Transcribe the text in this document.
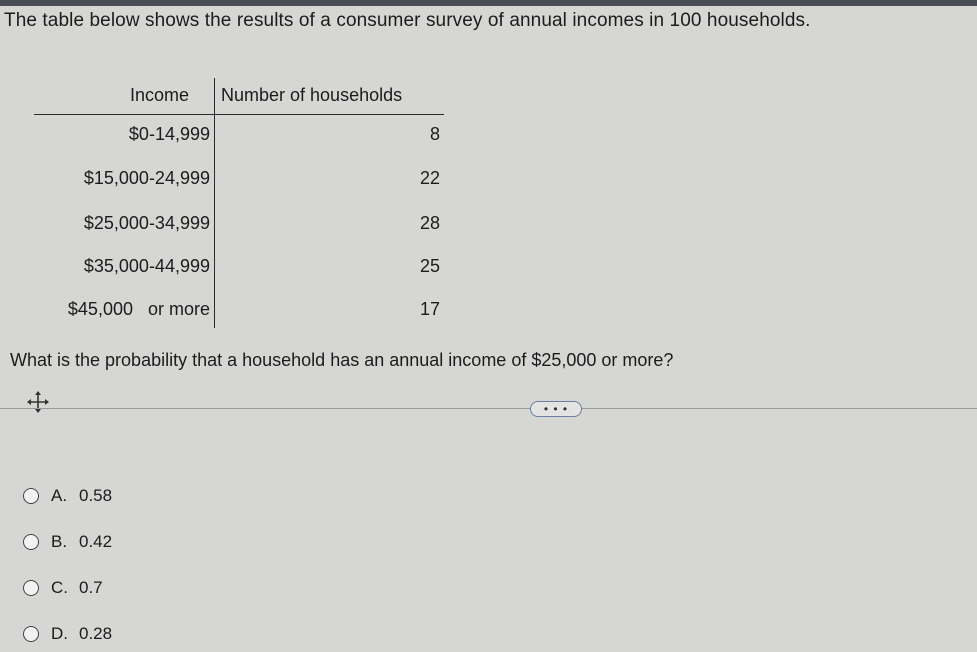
The table below shows the results of a consumer survey of annual incomes in 100 households.
Income Number of households
$0-14,999	8
$15,000-24,999	22
$25,000-34,999	28
$35,000-44,999	25
$45,000   or more	17
What is the probability that a household has an annual income of $25,000 or more?
• • •
A. 0.58
B. 0.42
C. 0.7
D. 0.28
